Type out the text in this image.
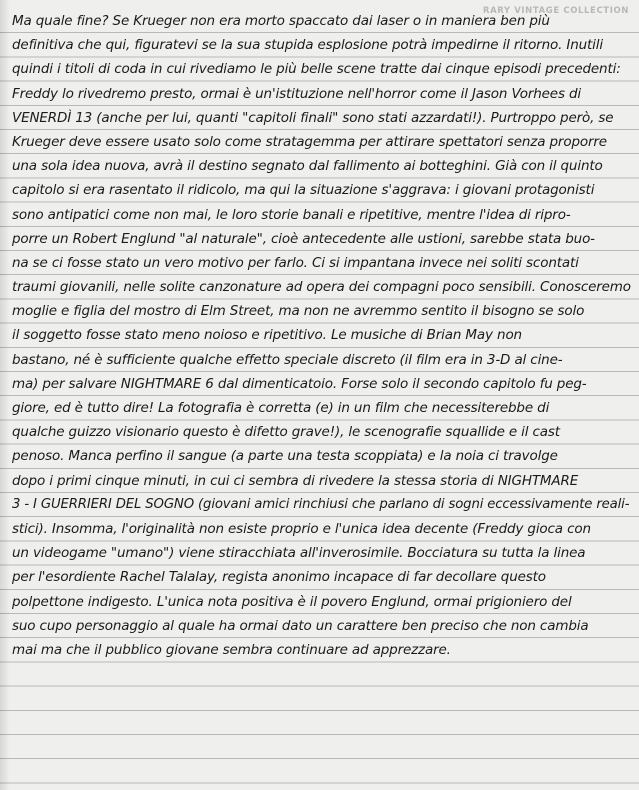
RARY VINTAGE COLLECTION
Ma quale fine? Se Krueger non era morto spaccato dai laser o in maniera ben più
definitiva che qui, figuratevi se la sua stupida esplosione potrà impedirne il ritorno. Inutili
quindi i titoli di coda in cui rivediamo le più belle scene tratte dai cinque episodi precedenti:
Freddy lo rivedremo presto, ormai è un'istituzione nell'horror come il Jason Vorhees di
VENERDÌ 13 (anche per lui, quanti "capitoli finali" sono stati azzardati!). Purtroppo però, se
Krueger deve essere usato solo come stratagemma per attirare spettatori senza proporre
una sola idea nuova, avrà il destino segnato dal fallimento ai botteghini. Già con il quinto
capitolo si era rasentato il ridicolo, ma qui la situazione s'aggrava: i giovani protagonisti
sono antipatici come non mai, le loro storie banali e ripetitive, mentre l'idea di ripro-
porre un Robert Englund "al naturale", cioè antecedente alle ustioni, sarebbe stata buo-
na se ci fosse stato un vero motivo per farlo. Ci si impantana invece nei soliti scontati
traumi giovanili, nelle solite canzonature ad opera dei compagni poco sensibili. Conosceremo
moglie e figlia del mostro di Elm Street, ma non ne avremmo sentito il bisogno se solo
il soggetto fosse stato meno noioso e ripetitivo. Le musiche di Brian May non
bastano, né è sufficiente qualche effetto speciale discreto (il film era in 3-D al cine-
ma) per salvare NIGHTMARE 6 dal dimenticatoio. Forse solo il secondo capitolo fu peg-
giore, ed è tutto dire! La fotografia è corretta (e) in un film che necessiterebbe di
qualche guizzo visionario questo è difetto grave!), le scenografie squallide e il cast
penoso. Manca perfino il sangue (a parte una testa scoppiata) e la noia ci travolge
dopo i primi cinque minuti, in cui ci sembra di rivedere la stessa storia di NIGHTMARE
3 - I GUERRIERI DEL SOGNO (giovani amici rinchiusi che parlano di sogni eccessivamente reali-
stici). Insomma, l'originalità non esiste proprio e l'unica idea decente (Freddy gioca con
un videogame "umano") viene stiracchiata all'inverosimile. Bocciatura su tutta la linea
per l'esordiente Rachel Talalay, regista anonimo incapace di far decollare questo
polpettone indigesto. L'unica nota positiva è il povero Englund, ormai prigioniero del
suo cupo personaggio al quale ha ormai dato un carattere ben preciso che non cambia
mai ma che il pubblico giovane sembra continuare ad apprezzare.
